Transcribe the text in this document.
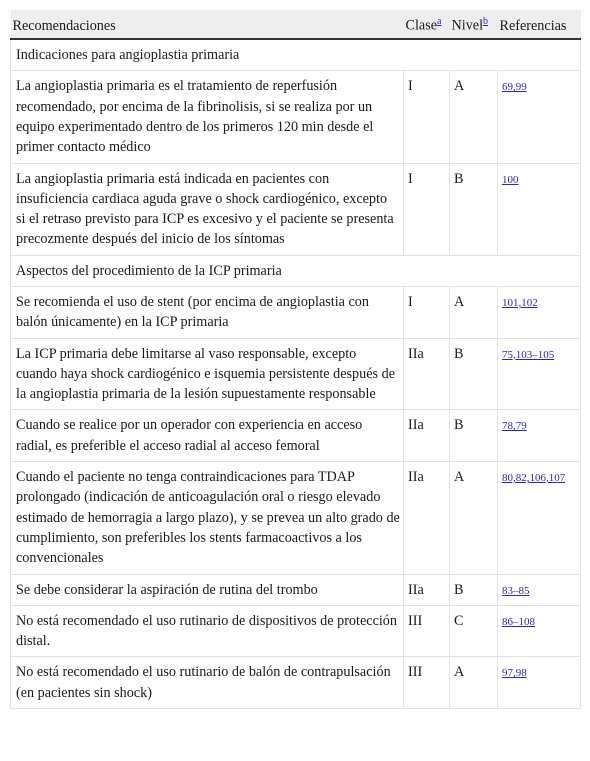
Recomendaciones	Clase$^a$	Nivel$^b$	Referencias
Indicaciones para angioplastia primaria			
La angioplastia primaria es el tratamiento de reperfusión recomendado, por encima de la fibrinolisis, si se realiza por un equipo experimentado dentro de los primeros 120 min desde el primer contacto médico	I	A	69,99
La angioplastia primaria está indicada en pacientes con insuficiencia cardiaca aguda grave o shock cardiogénico, excepto si el retraso previsto para ICP es excesivo y el paciente se presenta precozmente después del inicio de los síntomas	I	B	100
Aspectos del procedimiento de la ICP primaria			
Se recomienda el uso de stent (por encima de angioplastia con balón únicamente) en la ICP primaria	I	A	101,102
La ICP primaria debe limitarse al vaso responsable, excepto cuando haya shock cardiogénico e isquemia persistente después de la angioplastia primaria de la lesión supuestamente responsable	IIa	B	75,103–105
Cuando se realice por un operador con experiencia en acceso radial, es preferible el acceso radial al acceso femoral	IIa	B	78,79
Cuando el paciente no tenga contraindicaciones para TDAP prolongado (indicación de anticoagulación oral o riesgo elevado estimado de hemorragia a largo plazo), y se prevea un alto grado de cumplimiento, son preferibles los stents farmacoactivos a los convencionales	IIa	A	80,82,106,107
Se debe considerar la aspiración de rutina del trombo	IIa	B	83–85
No está recomendado el uso rutinario de dispositivos de protección distal.	III	C	86–108
No está recomendado el uso rutinario de balón de contrapulsación (en pacientes sin shock)	III	A	97,98
